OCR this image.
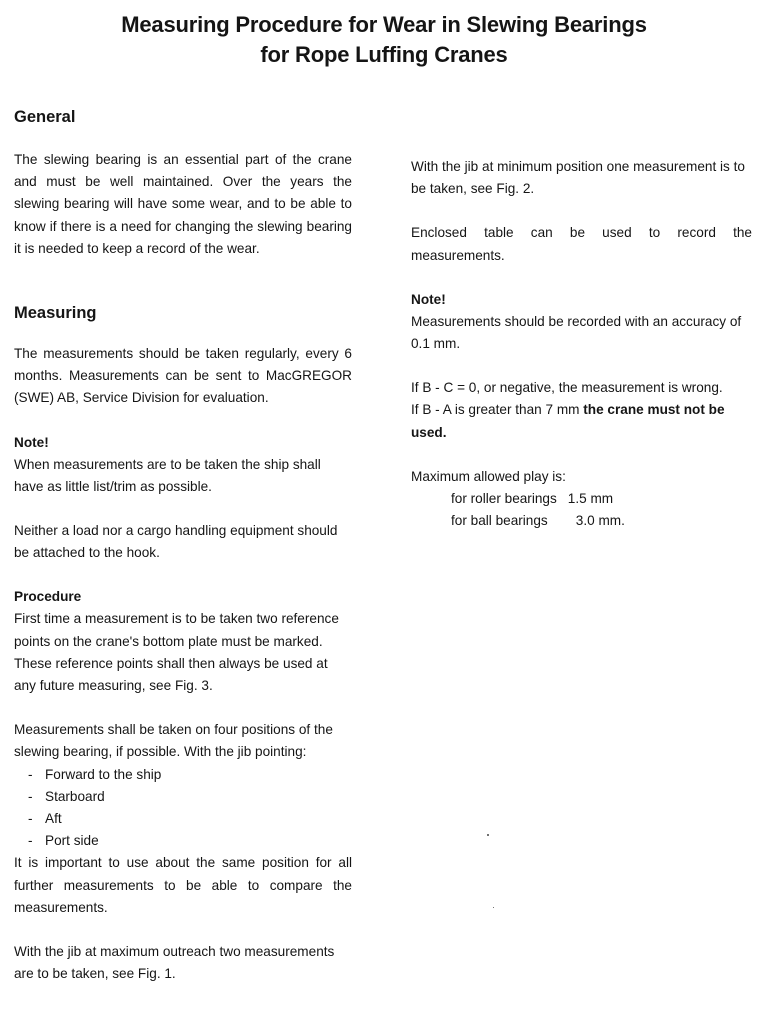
Measuring Procedure for Wear in Slewing Bearings
for Rope Luffing Cranes
General

The slewing bearing is an essential part of the crane and must be well maintained. Over the years the slewing bearing will have some wear, and to be able to know if there is a need for changing the slewing bearing it is needed to keep a record of the wear.

Measuring

The measurements should be taken regularly, every 6 months. Measurements can be sent to MacGREGOR (SWE) AB, Service Division for evaluation.

Note!

When measurements are to be taken the ship shall have as little list/trim as possible.

Neither a load nor a cargo handling equipment should be attached to the hook.

Procedure

First time a measurement is to be taken two reference points on the crane's bottom plate must be marked. These reference points shall then always be used at any future measuring, see Fig. 3.

Measurements shall be taken on four positions of the slewing bearing, if possible. With the jib pointing:

- Forward to the ship
- Starboard
- Aft
- Port side

It is important to use about the same position for all further measurements to be able to compare the measurements.

With the jib at maximum outreach two measurements are to be taken, see Fig. 1.

With the jib at minimum position one measurement is to be taken, see Fig. 2.

Enclosed table can be used to record the measurements.

Note!

Measurements should be recorded with an accuracy of 0.1 mm.

If B - C = 0, or negative, the measurement is wrong.

If B - A is greater than 7 mm the crane must not be used.

Maximum allowed play is:

for roller bearings	1.5 mm
for ball bearings	3.0 mm.
